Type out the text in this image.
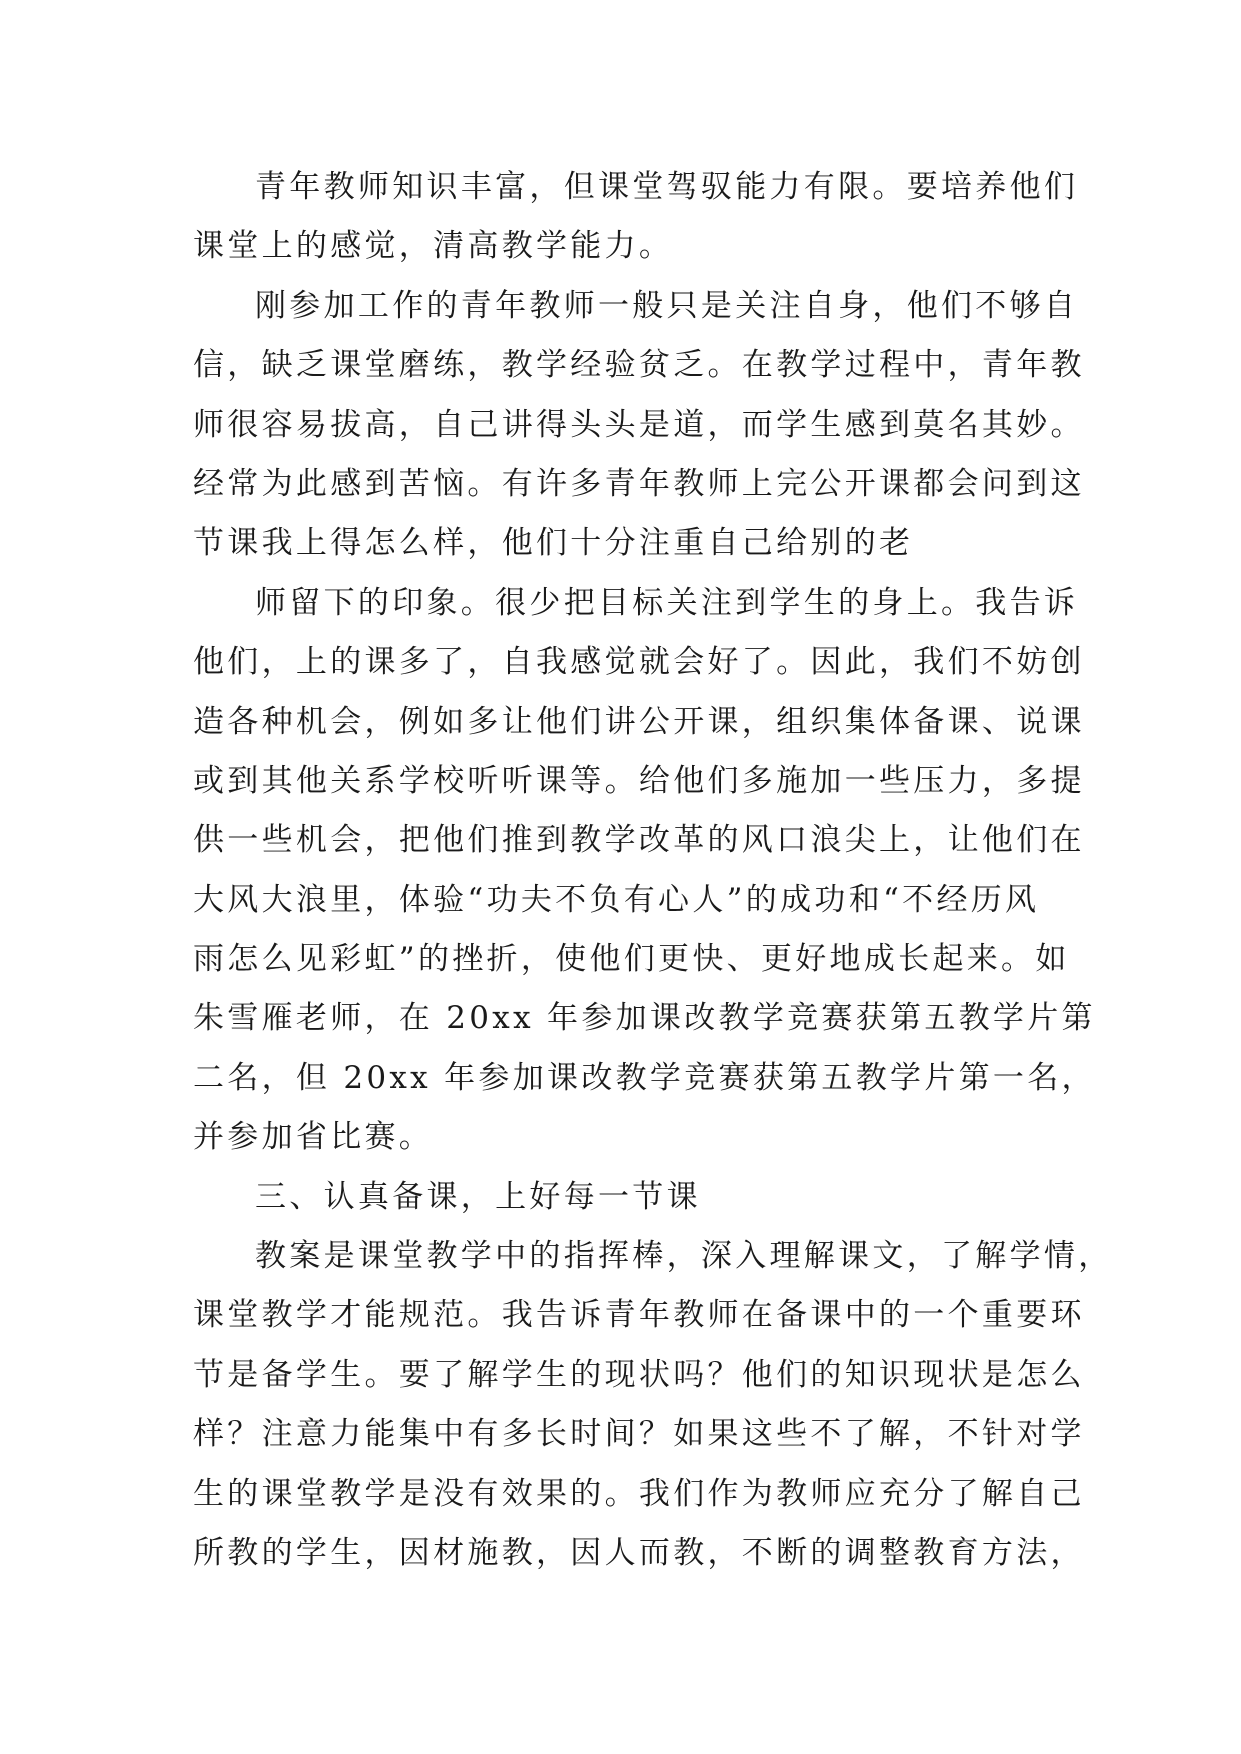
青年教师知识丰富，但课堂驾驭能力有限。要培养他们
课堂上的感觉，清高教学能力。
刚参加工作的青年教师一般只是关注自身，他们不够自
信，缺乏课堂磨练，教学经验贫乏。在教学过程中，青年教
师很容易拔高，自己讲得头头是道，而学生感到莫名其妙。
经常为此感到苦恼。有许多青年教师上完公开课都会问到这
节课我上得怎么样，他们十分注重自己给别的老
师留下的印象。很少把目标关注到学生的身上。我告诉
他们，上的课多了，自我感觉就会好了。因此，我们不妨创
造各种机会，例如多让他们讲公开课，组织集体备课、说课
或到其他关系学校听听课等。给他们多施加一些压力，多提
供一些机会，把他们推到教学改革的风口浪尖上，让他们在
大风大浪里，体验“功夫不负有心人”的成功和“不经历风
雨怎么见彩虹”的挫折，使他们更快、更好地成长起来。如
朱雪雁老师，在 20xx 年参加课改教学竞赛获第五教学片第
二名，但 20xx 年参加课改教学竞赛获第五教学片第一名，
并参加省比赛。
三、认真备课，上好每一节课
教案是课堂教学中的指挥棒，深入理解课文，了解学情，
课堂教学才能规范。我告诉青年教师在备课中的一个重要环
节是备学生。要了解学生的现状吗？他们的知识现状是怎么
样？注意力能集中有多长时间？如果这些不了解，不针对学
生的课堂教学是没有效果的。我们作为教师应充分了解自己
所教的学生，因材施教，因人而教，不断的调整教育方法，
